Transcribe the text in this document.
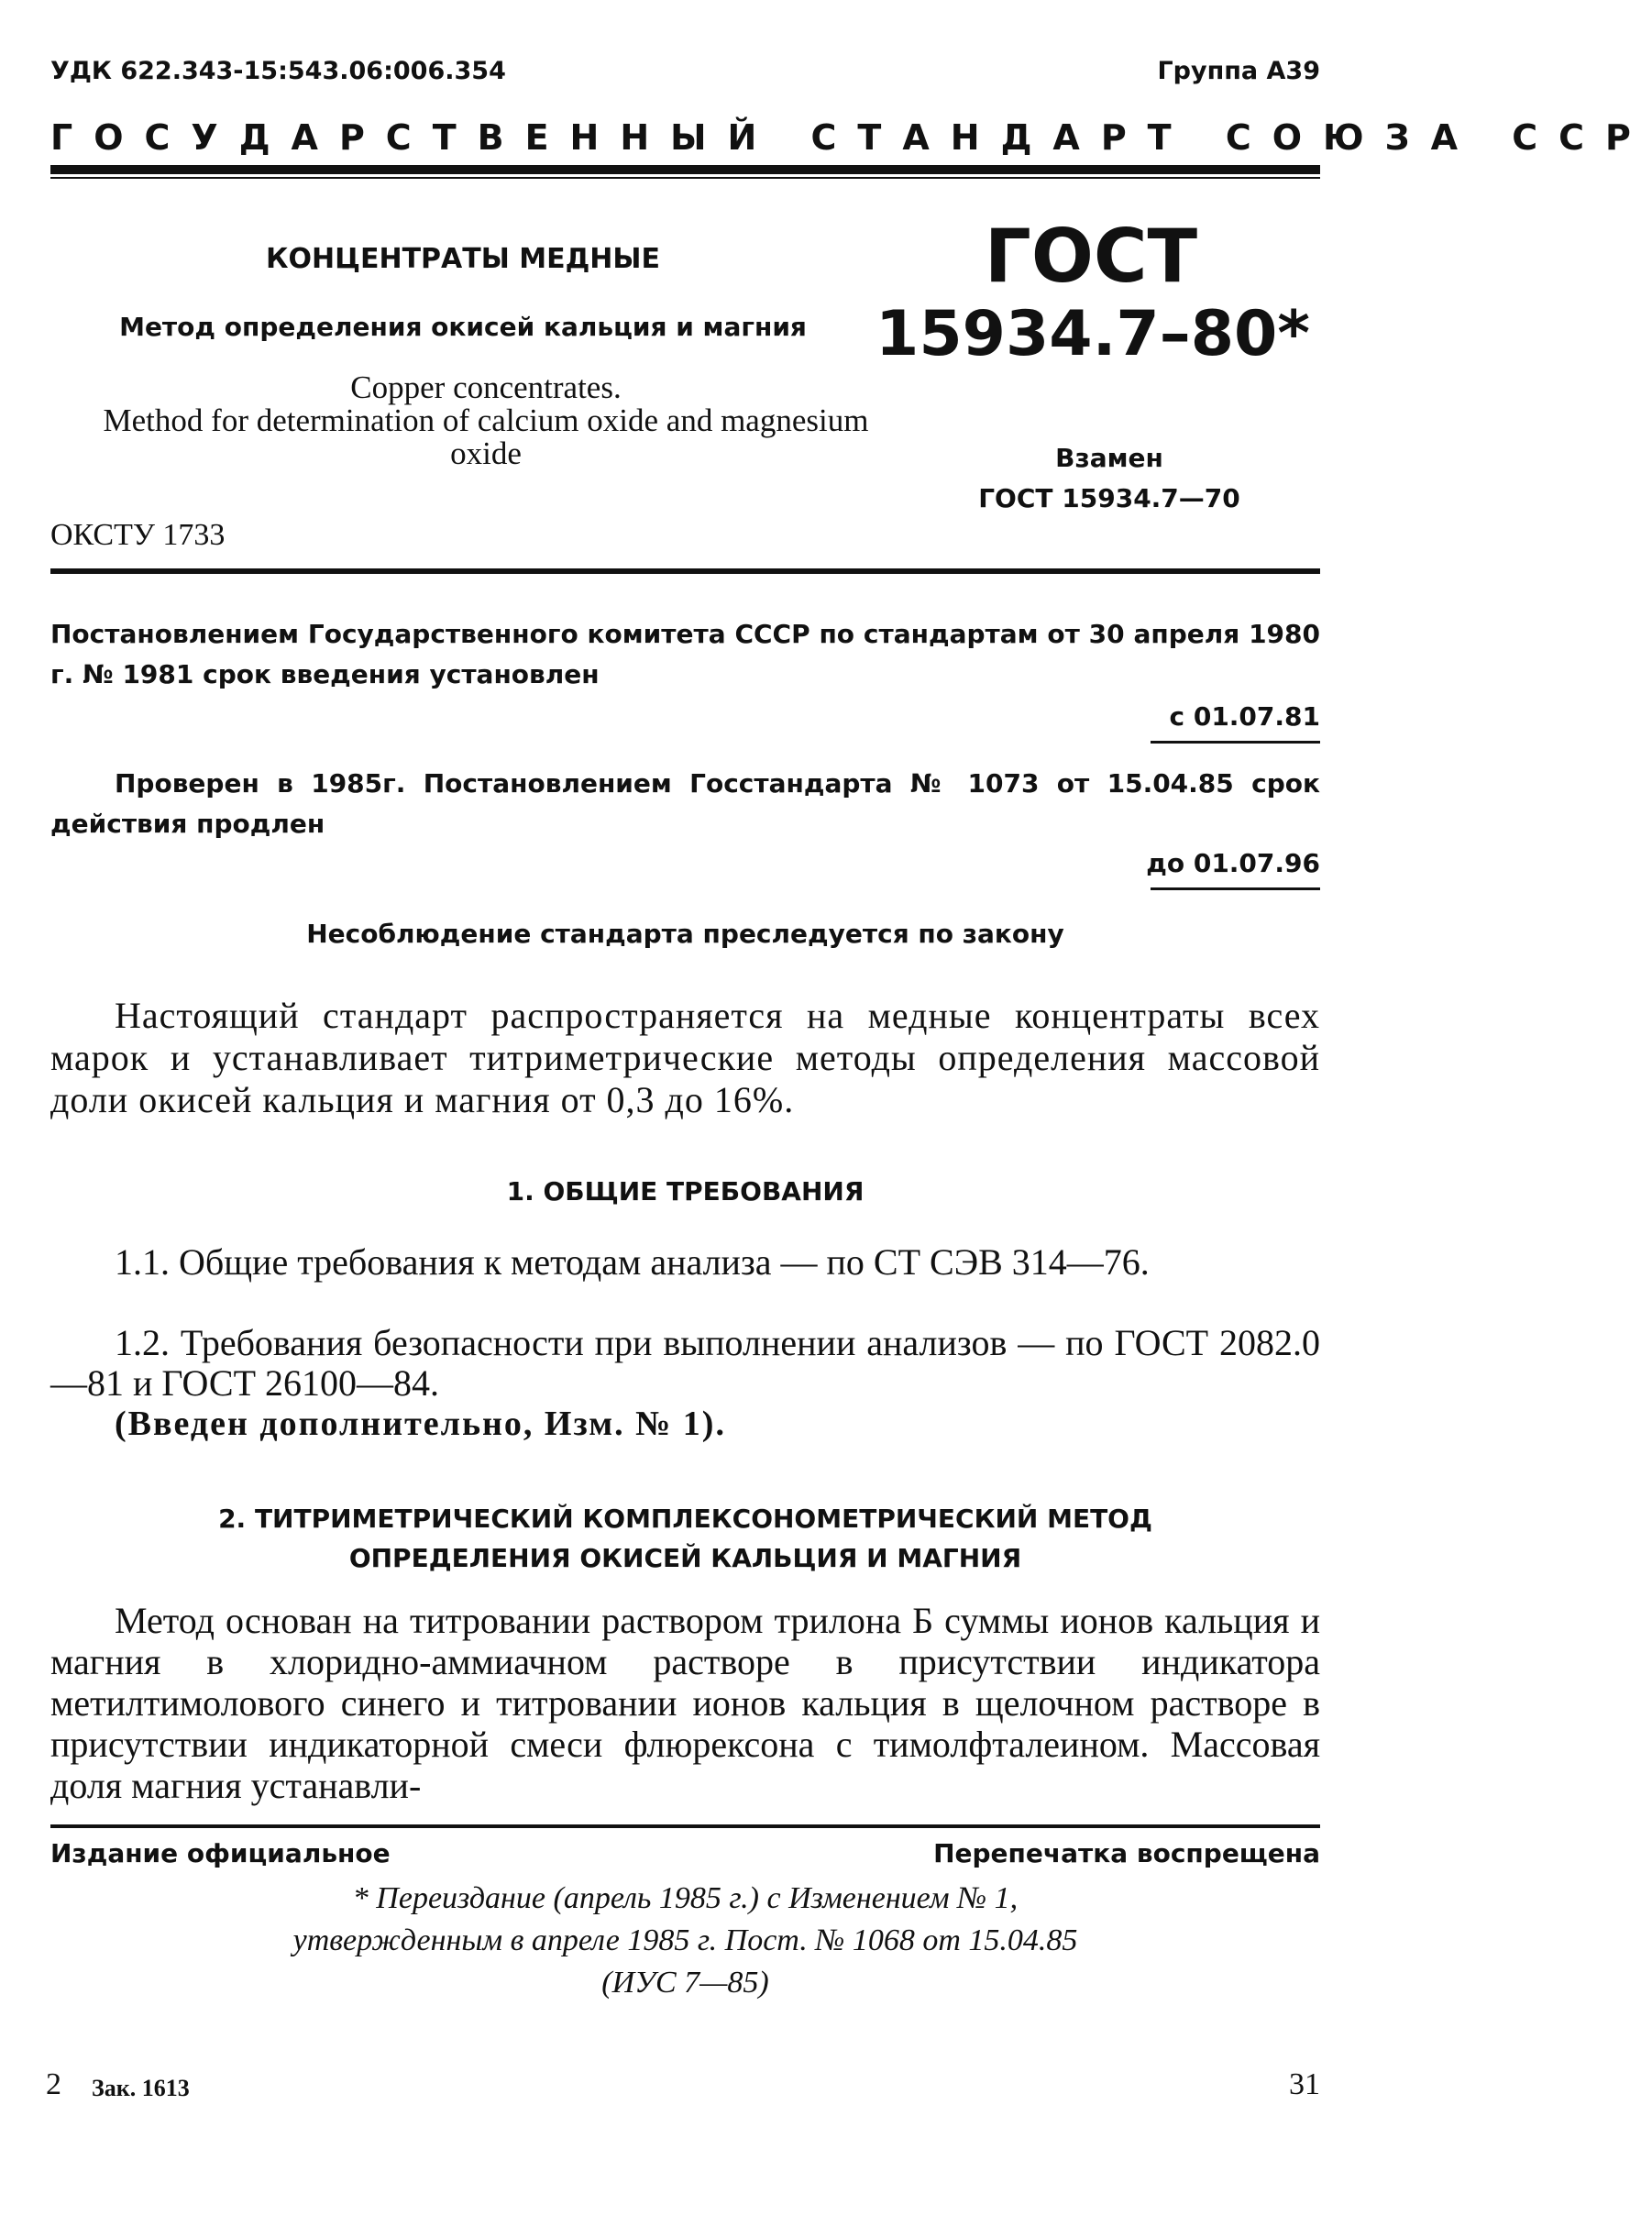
УДК 622.343-15:543.06:006.354	Группа А39
ГОСУДАРСТВЕННЫЙ СТАНДАРТ СОЮЗА ССР
КОНЦЕНТРАТЫ МЕДНЫЕ
Метод определения окисей кальция и магния
Copper concentrates.
Method for determination of calcium oxide and magnesium oxide
ОКСТУ 1733
ГОСТ
15934.7–80*
Взамен
ГОСТ 15934.7—70
Постановлением Государственного комитета СССР по стандартам от 30 апреля 1980 г. № 1981 срок введения установлен
с 01.07.81
Проверен в 1985г. Постановлением Госстандарта № 1073 от 15.04.85 срок действия продлен
до 01.07.96
Несоблюдение стандарта преследуется по закону

Настоящий стандарт распространяется на медные концентраты всех марок и устанавливает титриметрические методы определения массовой доли окисей кальция и магния от 0,3 до 16%.

1. ОБЩИЕ ТРЕБОВАНИЯ

1.1. Общие требования к методам анализа — по СТ СЭВ 314—76.

1.2. Требования безопасности при выполнении анализов — по ГОСТ 2082.0—81 и ГОСТ 26100—84.

(Введен дополнительно, Изм. № 1).

2. ТИТРИМЕТРИЧЕСКИЙ КОМПЛЕКСОНОМЕТРИЧЕСКИЙ МЕТОД
ОПРЕДЕЛЕНИЯ ОКИСЕЙ КАЛЬЦИЯ И МАГНИЯ

Метод основан на титровании раствором трилона Б суммы ионов кальция и магния в хлоридно-аммиачном растворе в присутствии индикатора метилтимолового синего и титровании ионов кальция в щелочном растворе в присутствии индикаторной смеси флюрексона с тимолфталеином. Массовая доля магния устанавли-

Издание официальное	Перепечатка воспрещена
* Переиздание (апрель 1985 г.) с Изменением № 1,
утвержденным в апреле 1985 г. Пост. № 1068 от 15.04.85
(ИУС 7—85)
2 Зак. 1613	31
